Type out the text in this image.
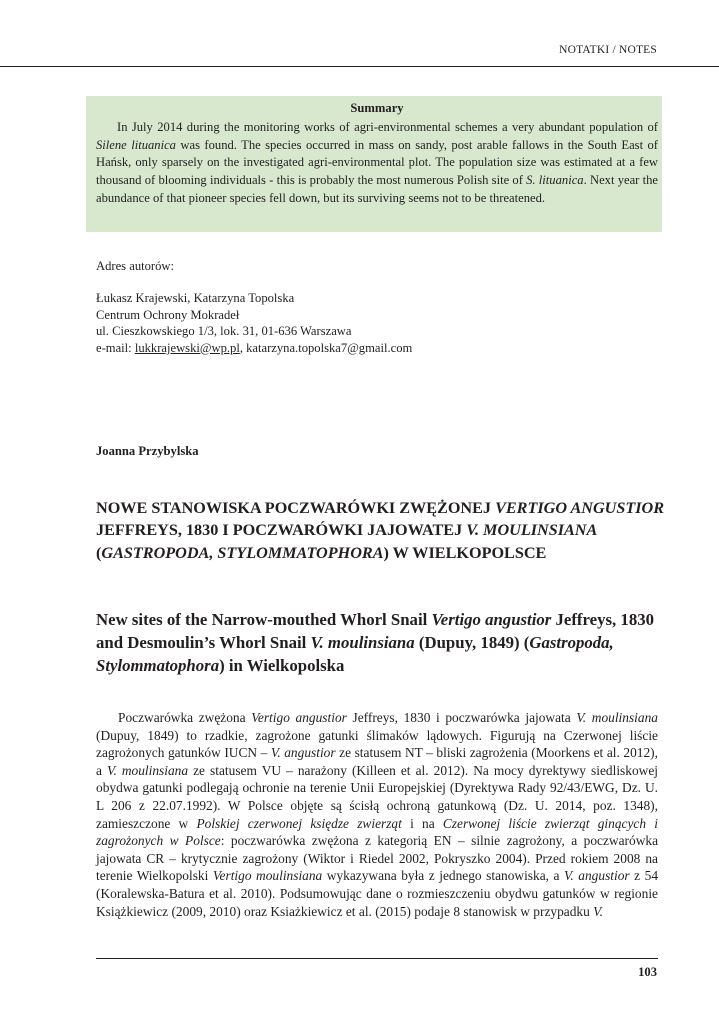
NOTATKI / NOTES
Summary

In July 2014 during the monitoring works of agri-environmental schemes a very abundant population of Silene lituanica was found. The species occurred in mass on sandy, post arable fallows in the South East of Hańsk, only sparsely on the investigated agri-environmental plot. The population size was estimated at a few thousand of blooming individuals - this is probably the most numerous Polish site of S. lituanica. Next year the abundance of that pioneer species fell down, but its surviving seems not to be threatened.

Adres autorów:
Łukasz Krajewski, Katarzyna Topolska
Centrum Ochrony Mokradeł
ul. Cieszkowskiego 1/3, lok. 31, 01-636 Warszawa
e-mail: lukkrajewski@wp.pl, katarzyna.topolska7@gmail.com
Joanna Przybylska
NOWE STANOWISKA POCZWARÓWKI ZWĘŻONEJ VERTIGO ANGUSTIOR JEFFREYS, 1830 I POCZWARÓWKI JAJOWATEJ V. MOULINSIANA (GASTROPODA, STYLOMMATOPHORA) W WIELKOPOLSCE
New sites of the Narrow-mouthed Whorl Snail Vertigo angustior Jeffreys, 1830 and Desmoulin’s Whorl Snail V. moulinsiana (Dupuy, 1849) (Gastropoda, Stylommatophora) in Wielkopolska

Poczwarówka zwężona Vertigo angustior Jeffreys, 1830 i poczwarówka jajowata V. moulinsiana (Dupuy, 1849) to rzadkie, zagrożone gatunki ślimaków lądowych. Figurują na Czerwonej liście zagrożonych gatunków IUCN – V. angustior ze statusem NT – bliski zagrożenia (Moorkens et al. 2012), a V. moulinsiana ze statusem VU – narażony (Killeen et al. 2012). Na mocy dyrektywy siedliskowej obydwa gatunki podlegają ochronie na terenie Unii Europejskiej (Dyrektywa Rady 92/43/EWG, Dz. U. L 206 z 22.07.1992). W Polsce objęte są ścisłą ochroną gatunkową (Dz. U. 2014, poz. 1348), zamieszczone w Polskiej czerwonej księdze zwierząt i na Czerwonej liście zwierząt ginących i zagrożonych w Polsce: poczwarówka zwężona z kategorią EN – silnie zagrożony, a poczwarówka jajowata CR – krytycznie zagrożony (Wiktor i Riedel 2002, Pokryszko 2004). Przed rokiem 2008 na terenie Wielkopolski Vertigo moulinsiana wykazywana była z jednego stanowiska, a V. angustior z 54 (Koralewska-Batura et al. 2010). Podsumowując dane o rozmieszczeniu obydwu gatunków w regionie Książkiewicz (2009, 2010) oraz Ksiażkiewicz et al. (2015) podaje 8 stanowisk w przypadku V.

103
